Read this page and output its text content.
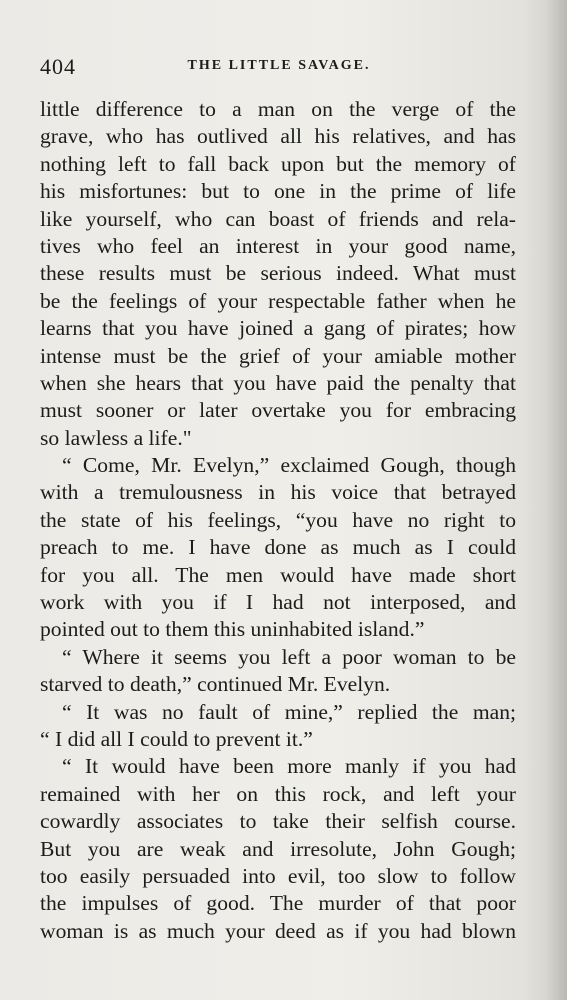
404	THE LITTLE SAVAGE.
little difference to a man on the verge of the
grave, who has outlived all his relatives, and has
nothing left to fall back upon but the memory of
his misfortunes: but to one in the prime of life
like yourself, who can boast of friends and rela-
tives who feel an interest in your good name,
these results must be serious indeed. What must
be the feelings of your respectable father when he
learns that you have joined a gang of pirates; how
intense must be the grief of your amiable mother
when she hears that you have paid the penalty that
must sooner or later overtake you for embracing
so lawless a life."
“ Come, Mr. Evelyn,” exclaimed Gough, though
with a tremulousness in his voice that betrayed
the state of his feelings, “you have no right to
preach to me. I have done as much as I could
for you all. The men would have made short
work with you if I had not interposed, and
pointed out to them this uninhabited island.”
“ Where it seems you left a poor woman to be
starved to death,” continued Mr. Evelyn.
“ It was no fault of mine,” replied the man;
“ I did all I could to prevent it.”
“ It would have been more manly if you had
remained with her on this rock, and left your
cowardly associates to take their selfish course.
But you are weak and irresolute, John Gough;
too easily persuaded into evil, too slow to follow
the impulses of good. The murder of that poor
woman is as much your deed as if you had blown
